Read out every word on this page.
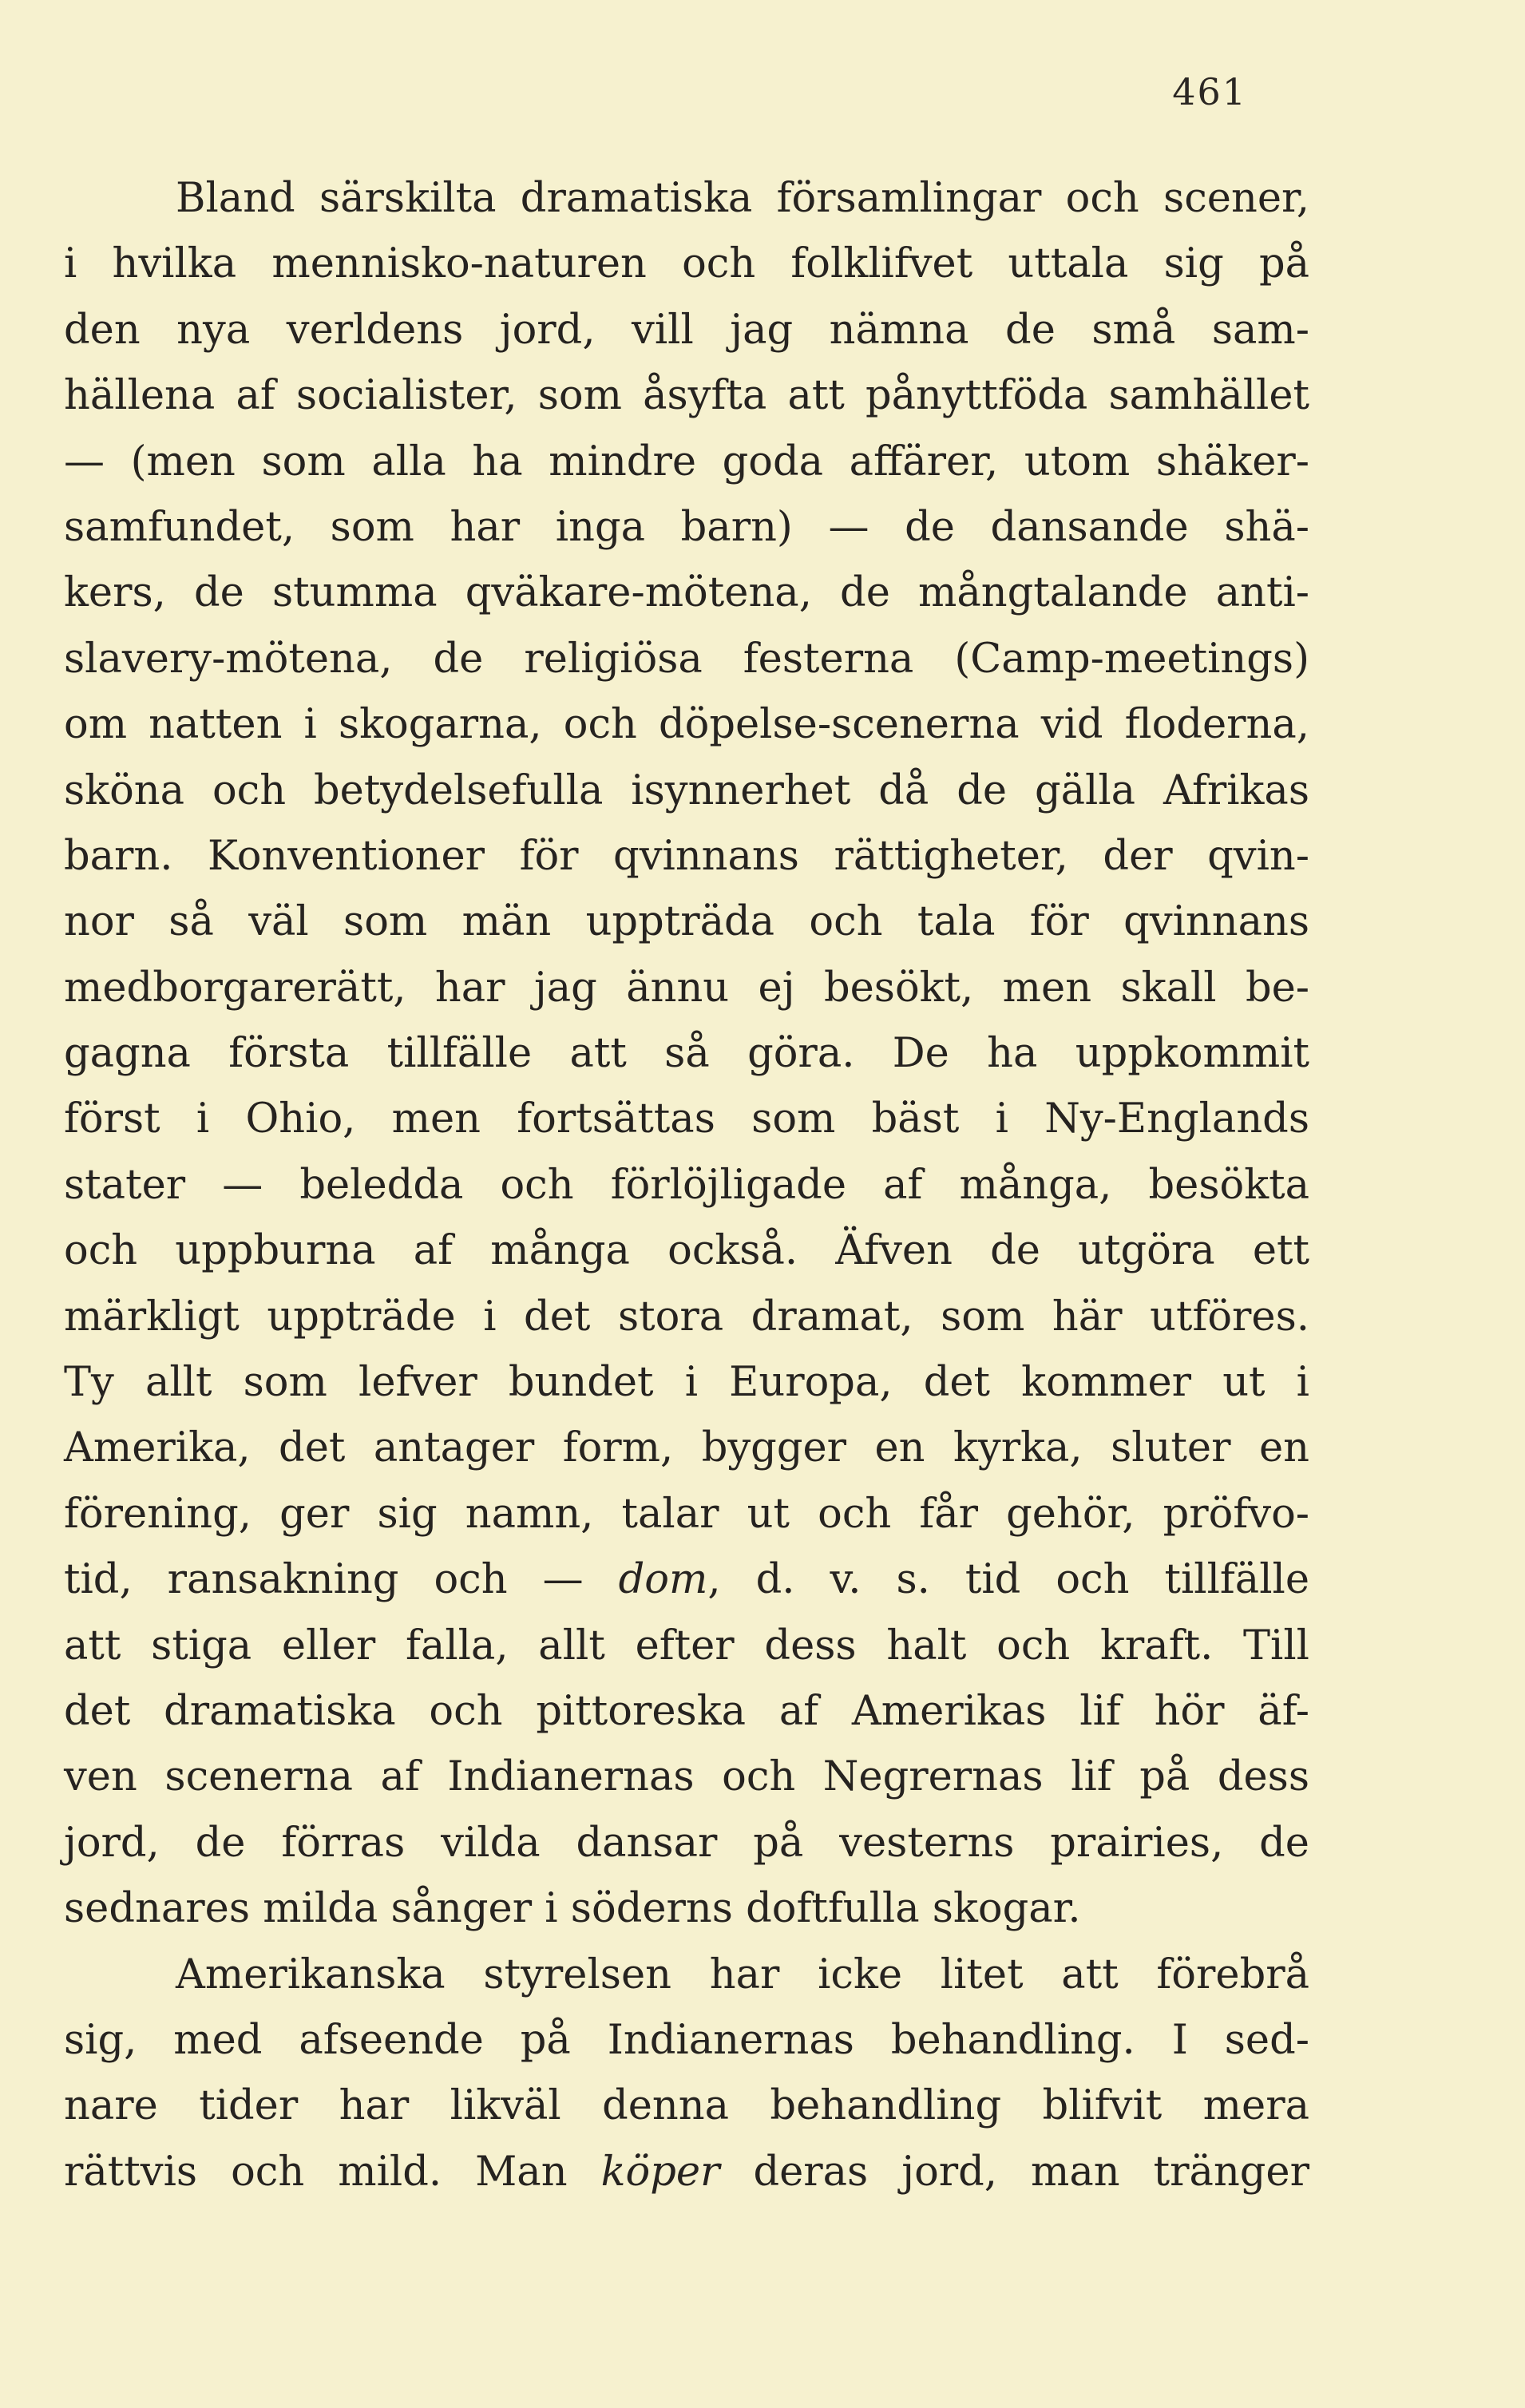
461
Bland särskilta dramatiska församlingar och scener,
i hvilka mennisko-naturen och folklifvet uttala sig på
den nya verldens jord, vill jag nämna de små sam-
hällena af socialister, som åsyfta att pånyttföda samhället
— (men som alla ha mindre goda affärer, utom shäker-
samfundet, som har inga barn) — de dansande shä-
kers, de stumma qväkare-mötena, de mångtalande anti-
slavery-mötena, de religiösa festerna (Camp-meetings)
om natten i skogarna, och döpelse-scenerna vid floderna,
sköna och betydelsefulla isynnerhet då de gälla Afrikas
barn. Konventioner för qvinnans rättigheter, der qvin-
nor så väl som män uppträda och tala för qvinnans
medborgarerätt, har jag ännu ej besökt, men skall be-
gagna första tillfälle att så göra. De ha uppkommit
först i Ohio, men fortsättas som bäst i Ny-Englands
stater — beledda och förlöjligade af många, besökta
och uppburna af många också. Äfven de utgöra ett
märkligt uppträde i det stora dramat, som här utföres.
Ty allt som lefver bundet i Europa, det kommer ut i
Amerika, det antager form, bygger en kyrka, sluter en
förening, ger sig namn, talar ut och får gehör, pröfvo-
tid, ransakning och — dom, d. v. s. tid och tillfälle
att stiga eller falla, allt efter dess halt och kraft. Till
det dramatiska och pittoreska af Amerikas lif hör äf-
ven scenerna af Indianernas och Negrernas lif på dess
jord, de förras vilda dansar på vesterns prairies, de
sednares milda sånger i söderns doftfulla skogar.
Amerikanska styrelsen har icke litet att förebrå
sig, med afseende på Indianernas behandling. I sed-
nare tider har likväl denna behandling blifvit mera
rättvis och mild. Man köper deras jord, man tränger
